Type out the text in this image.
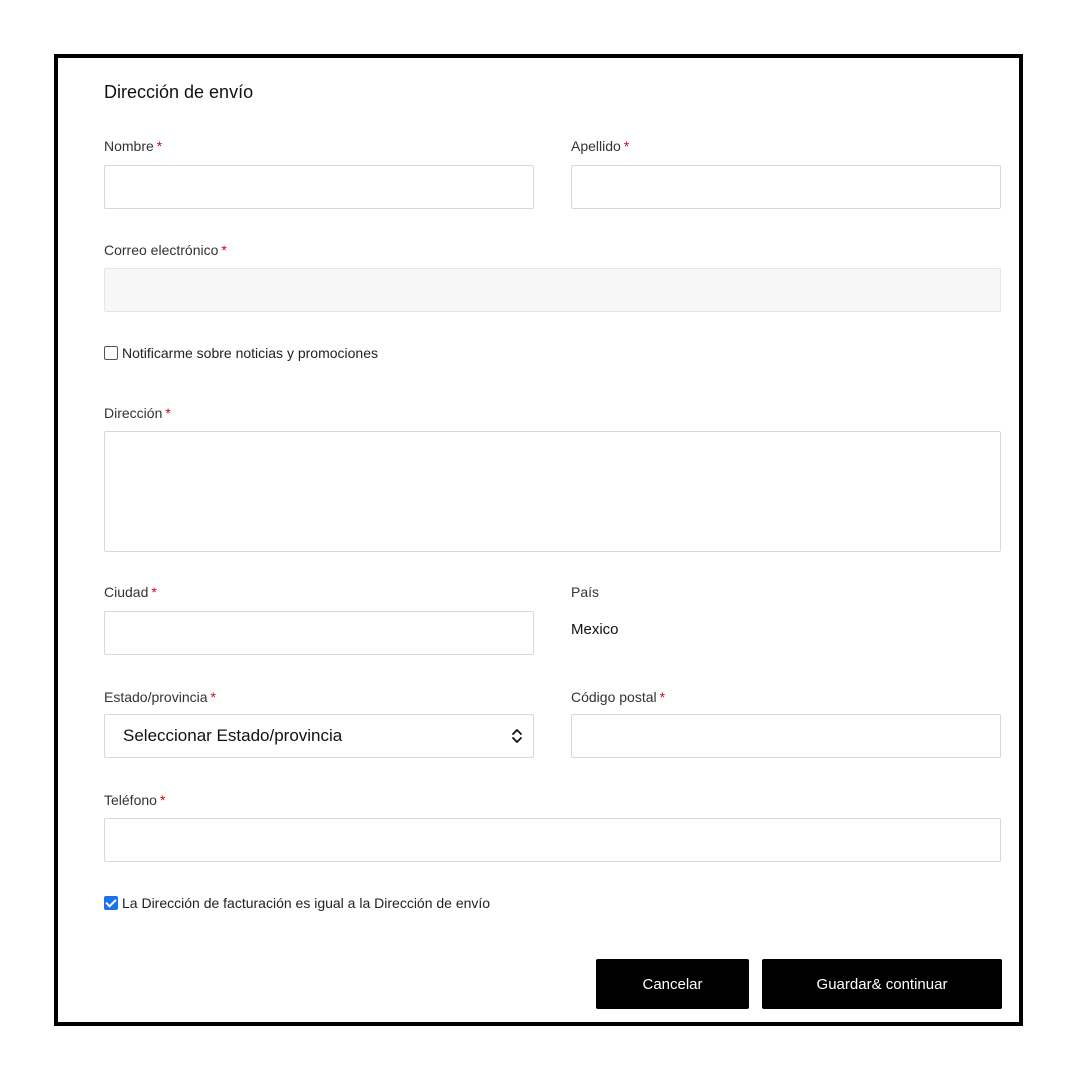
Dirección de envío
Nombre *	Apellido *
Correo electrónico *
Notificarme sobre noticias y promociones
Dirección *
Ciudad *	País
Mexico
Estado/provincia *
Seleccionar Estado/provincia
Código postal *
Teléfono *
La Dirección de facturación es igual a la Dirección de envío
Cancelar	Guardar& continuar
